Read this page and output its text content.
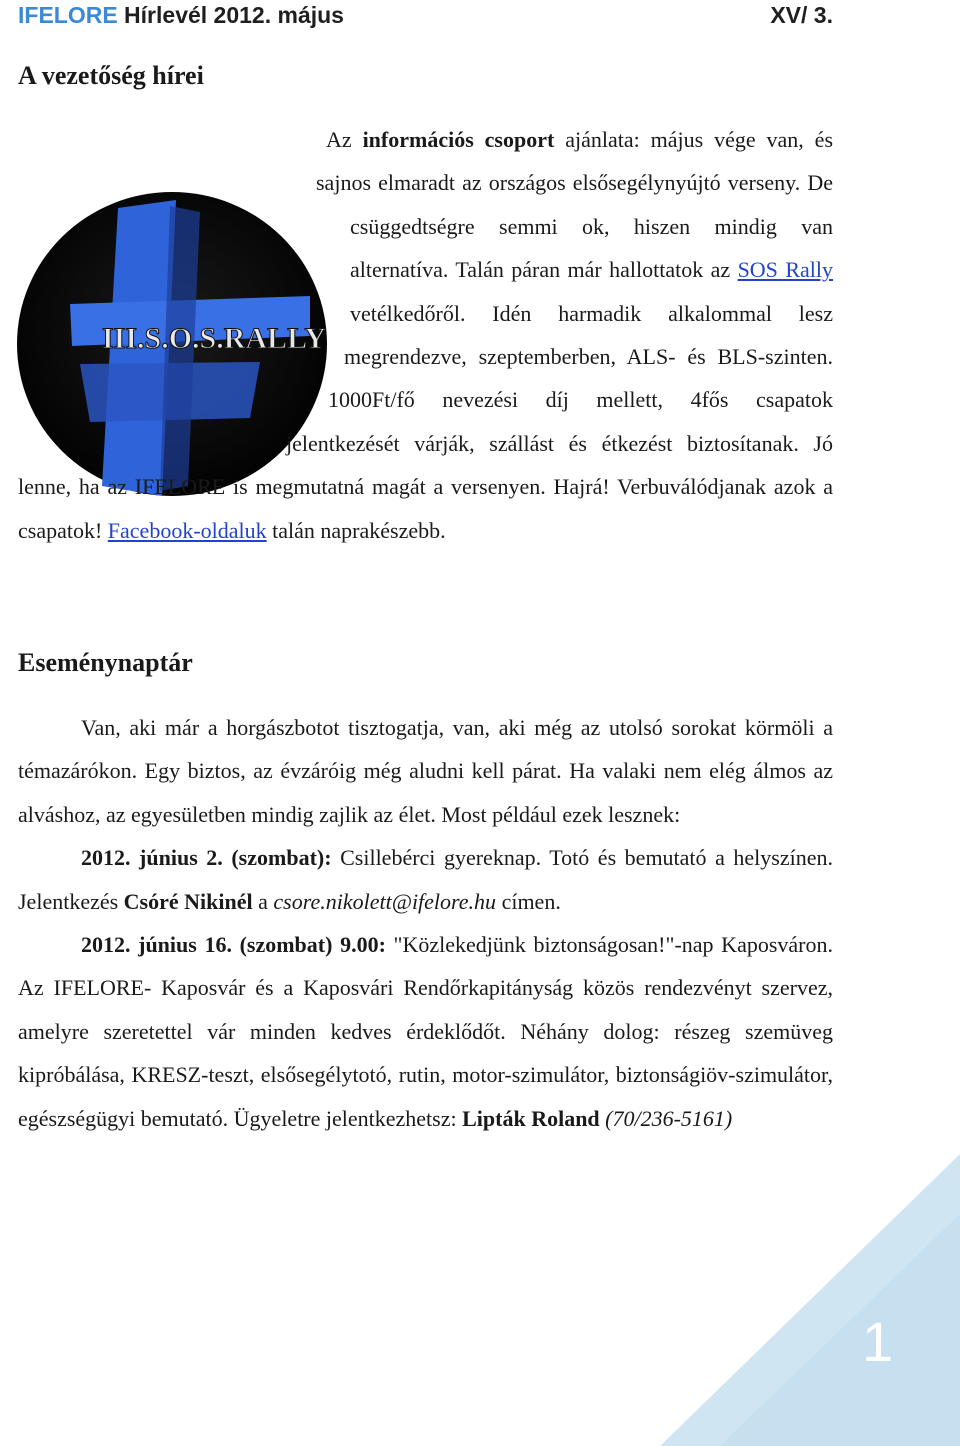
IFELORE Hírlevél 2012. május	XV/ 3.
A vezetőség hírei
III.S.O.S.RALLY

Az információs csoport ajánlata: május vége van, és sajnos elmaradt az országos elsősegélynyújtó verseny. De csüggedtségre semmi ok, hiszen mindig van alternatíva. Talán páran már hallottatok az SOS Rally vetélkedőről. Idén harmadik alkalommal lesz megrendezve, szeptemberben, ALS- és BLS-szinten. 1000Ft/fő nevezési díj mellett, 4fős csapatok jelentkezését várják, szállást és étkezést biztosítanak. Jó lenne, ha az IFELORE is megmutatná magát a versenyen. Hajrá! Verbuválódjanak azok a csapatok! Facebook-oldaluk talán naprakészebb.

Eseménynaptár

Van, aki már a horgászbotot tisztogatja, van, aki még az utolsó sorokat körmöli a témazárókon. Egy biztos, az évzáróig még aludni kell párat. Ha valaki nem elég álmos az alváshoz, az egyesületben mindig zajlik az élet. Most például ezek lesznek:

2012. június 2. (szombat): Csillebérci gyereknap. Totó és bemutató a helyszínen. Jelentkezés Csóré Nikinél a csore.nikolett@ifelore.hu címen.

2012. június 16. (szombat) 9.00: "Közlekedjünk biztonságosan!"-nap Kaposváron. Az IFELORE- Kaposvár és a Kaposvári Rendőrkapitányság közös rendezvényt szervez, amelyre szeretettel vár minden kedves érdeklődőt. Néhány dolog: részeg szemüveg kipróbálása, KRESZ-teszt, elsősegélytotó, rutin, motor-szimulátor, biztonságiöv-szimulátor, egészségügyi bemutató. Ügyeletre jelentkezhetsz: Lipták Roland (70/236-5161)

1
